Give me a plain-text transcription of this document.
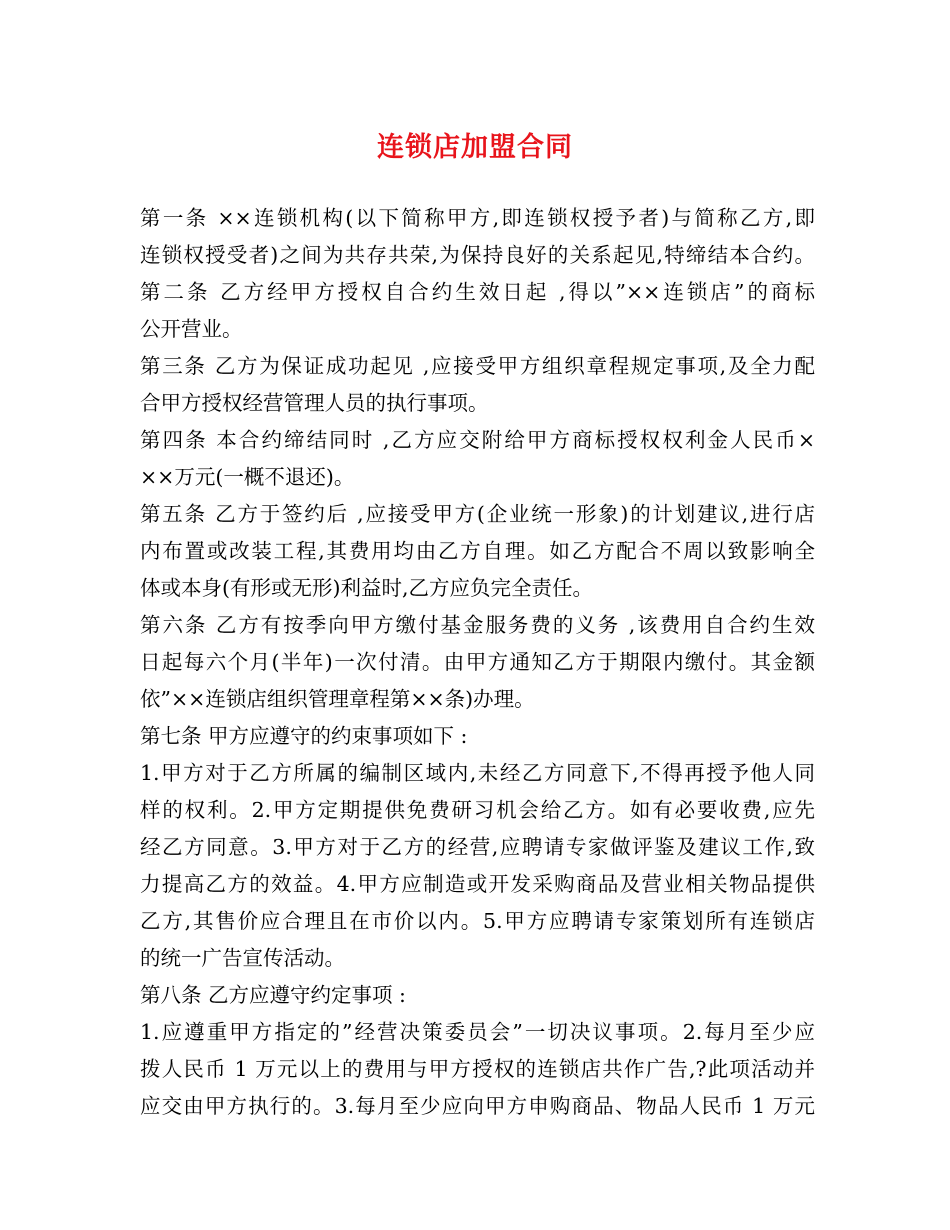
连锁店加盟合同
第一条 ××连锁机构(以下简称甲方,即连锁权授予者)与简称乙方,即
连锁权授受者)之间为共存共荣,为保持良好的关系起见,特缔结本合约。
第二条 乙方经甲方授权自合约生效日起 ,得以”××连锁店”的商标
公开营业。
第三条 乙方为保证成功起见 ,应接受甲方组织章程规定事项,及全力配
合甲方授权经营管理人员的执行事项。
第四条 本合约缔结同时 ,乙方应交附给甲方商标授权权利金人民币×
××万元(一概不退还)。
第五条 乙方于签约后 ,应接受甲方(企业统一形象)的计划建议,进行店
内布置或改装工程,其费用均由乙方自理。如乙方配合不周以致影响全
体或本身(有形或无形)利益时,乙方应负完全责任。
第六条 乙方有按季向甲方缴付基金服务费的义务 ,该费用自合约生效
日起每六个月(半年)一次付清。由甲方通知乙方于期限内缴付。其金额
依”××连锁店组织管理章程第××条)办理。
第七条 甲方应遵守的约束事项如下 :
1.甲方对于乙方所属的编制区域内,未经乙方同意下,不得再授予他人同
样的权利。2.甲方定期提供免费研习机会给乙方。如有必要收费,应先
经乙方同意。3.甲方对于乙方的经营,应聘请专家做评鉴及建议工作,致
力提高乙方的效益。4.甲方应制造或开发采购商品及营业相关物品提供
乙方,其售价应合理且在市价以内。5.甲方应聘请专家策划所有连锁店
的统一广告宣传活动。
第八条 乙方应遵守约定事项 :
1.应遵重甲方指定的”经营决策委员会”一切决议事项。2.每月至少应
拨人民币 1 万元以上的费用与甲方授权的连锁店共作广告,?此项活动并
应交由甲方执行的。3.每月至少应向甲方申购商品、物品人民币 1 万元
